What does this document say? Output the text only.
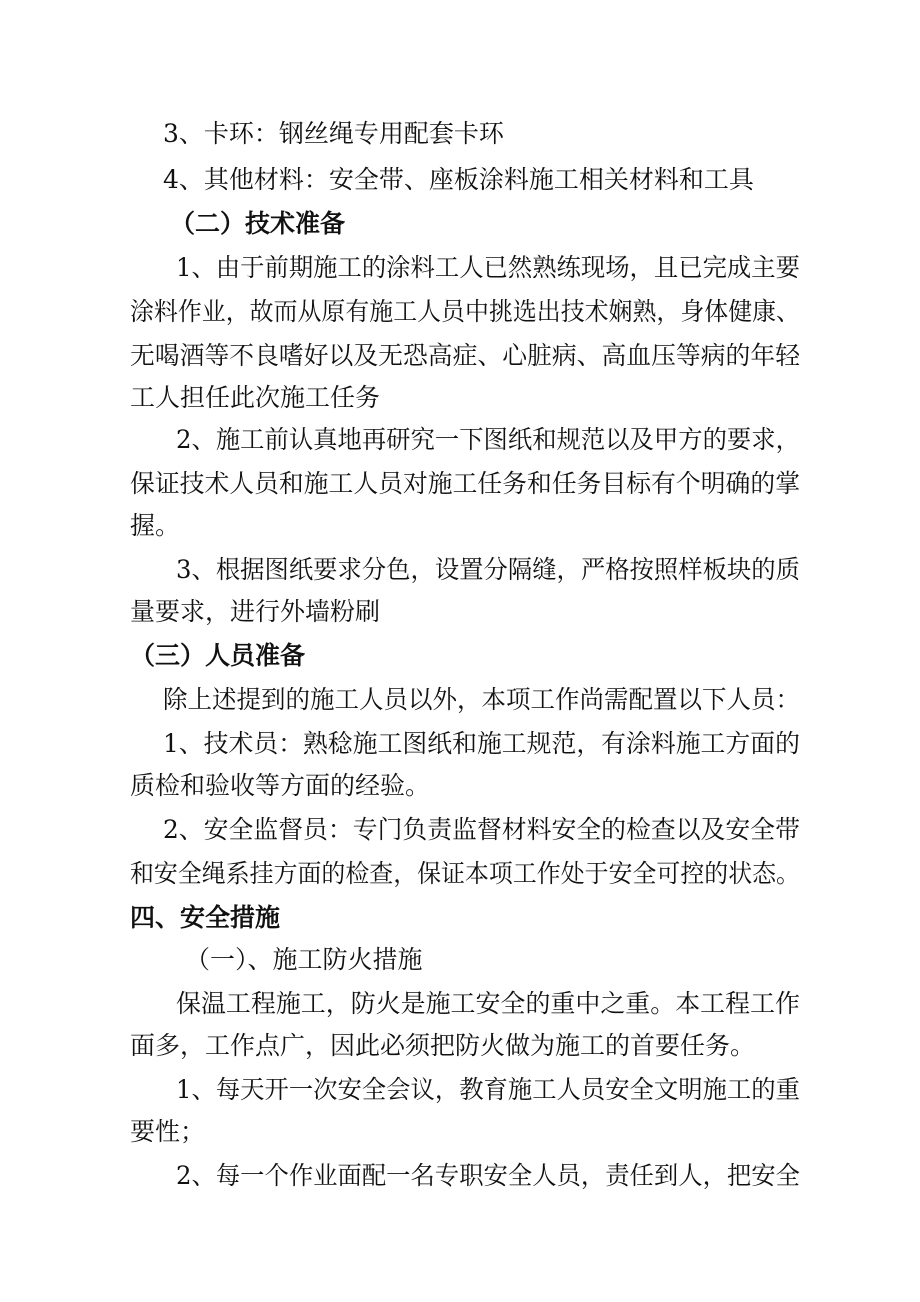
3、卡环：钢丝绳专用配套卡环
4、其他材料：安全带、座板涂料施工相关材料和工具
（二）技术准备
1、由于前期施工的涂料工人已然熟练现场，且已完成主要
涂料作业，故而从原有施工人员中挑选出技术娴熟，身体健康、
无喝酒等不良嗜好以及无恐高症、心脏病、高血压等病的年轻
工人担任此次施工任务
2、施工前认真地再研究一下图纸和规范以及甲方的要求，
保证技术人员和施工人员对施工任务和任务目标有个明确的掌
握。
3、根据图纸要求分色，设置分隔缝，严格按照样板块的质
量要求，进行外墙粉刷
（三）人员准备
除上述提到的施工人员以外，本项工作尚需配置以下人员：
1、技术员：熟稔施工图纸和施工规范，有涂料施工方面的
质检和验收等方面的经验。
2、安全监督员：专门负责监督材料安全的检查以及安全带
和安全绳系挂方面的检查，保证本项工作处于安全可控的状态。
四、安全措施
（一）、施工防火措施
保温工程施工，防火是施工安全的重中之重。本工程工作
面多，工作点广，因此必须把防火做为施工的首要任务。
1、每天开一次安全会议，教育施工人员安全文明施工的重
要性；
2、每一个作业面配一名专职安全人员，责任到人，把安全
